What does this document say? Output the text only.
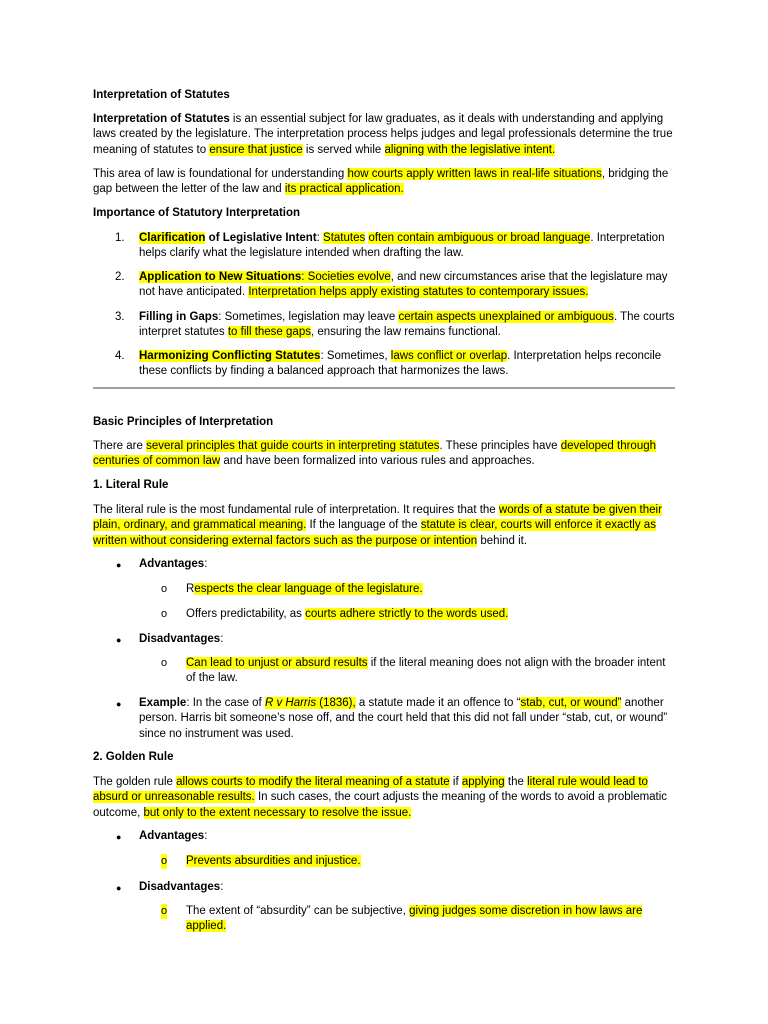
Interpretation of Statutes

Interpretation of Statutes is an essential subject for law graduates, as it deals with understanding and applying laws created by the legislature. The interpretation process helps judges and legal professionals determine the true meaning of statutes to ensure that justice is served while aligning with the legislative intent.

This area of law is foundational for understanding how courts apply written laws in real-life situations, bridging the gap between the letter of the law and its practical application.

Importance of Statutory Interpretation

1. Clarification of Legislative Intent: Statutes often contain ambiguous or broad language. Interpretation helps clarify what the legislature intended when drafting the law.

2. Application to New Situations: Societies evolve, and new circumstances arise that the legislature may not have anticipated. Interpretation helps apply existing statutes to contemporary issues.

3. Filling in Gaps: Sometimes, legislation may leave certain aspects unexplained or ambiguous. The courts interpret statutes to fill these gaps, ensuring the law remains functional.

4. Harmonizing Conflicting Statutes: Sometimes, laws conflict or overlap. Interpretation helps reconcile these conflicts by finding a balanced approach that harmonizes the laws.

Basic Principles of Interpretation

There are several principles that guide courts in interpreting statutes. These principles have developed through centuries of common law and have been formalized into various rules and approaches.

1. Literal Rule

The literal rule is the most fundamental rule of interpretation. It requires that the words of a statute be given their plain, ordinary, and grammatical meaning. If the language of the statute is clear, courts will enforce it exactly as written without considering external factors such as the purpose or intention behind it.

● Advantages:

o Respects the clear language of the legislature.

o Offers predictability, as courts adhere strictly to the words used.

● Disadvantages:

o Can lead to unjust or absurd results if the literal meaning does not align with the broader intent of the law.

● Example: In the case of R v Harris (1836), a statute made it an offence to “stab, cut, or wound” another person. Harris bit someone’s nose off, and the court held that this did not fall under “stab, cut, or wound” since no instrument was used.

2. Golden Rule

The golden rule allows courts to modify the literal meaning of a statute if applying the literal rule would lead to absurd or unreasonable results. In such cases, the court adjusts the meaning of the words to avoid a problematic outcome, but only to the extent necessary to resolve the issue.

● Advantages:

o Prevents absurdities and injustice.

● Disadvantages:

o The extent of “absurdity” can be subjective, giving judges some discretion in how laws are applied.
